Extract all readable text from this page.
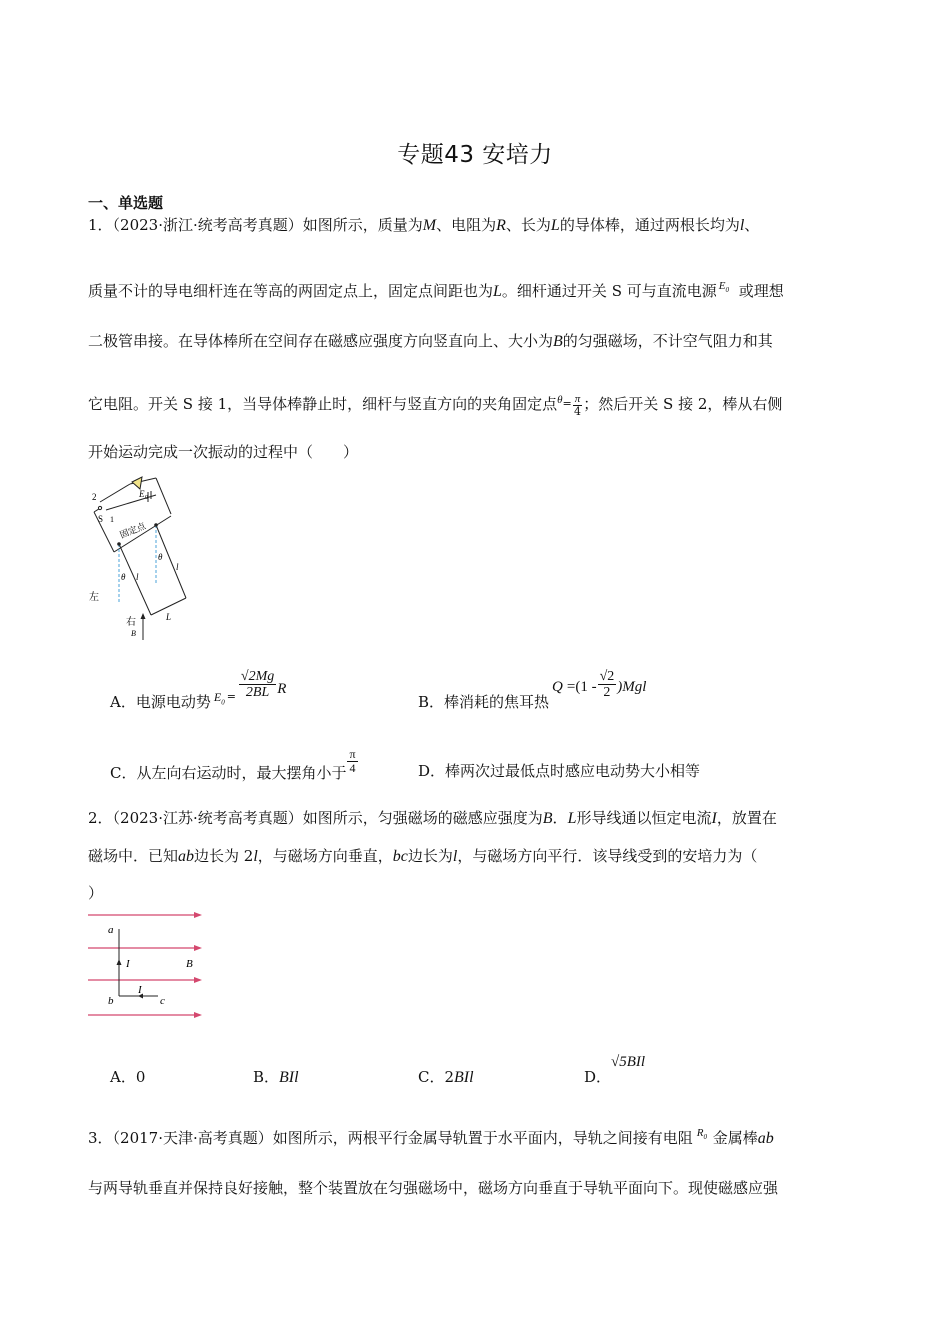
专题43 安培力
一、单选题
1．（2023·浙江·统考高考真题）如图所示，质量为M、电阻为R、长为L的导体棒，通过两根长均为l、
质量不计的导电细杆连在等高的两固定点上，固定点间距也为L。细杆通过开关 S 可与直流电源 $E_0$ 或理想
二极管串接。在导体棒所在空间存在磁感应强度方向竖直向上、大小为B的匀强磁场，不计空气阻力和其
它电阻。开关 S 接 1，当导体棒静止时，细杆与竖直方向的夹角固定点$^\theta= \frac{\pi}{4}$ ；然后开关 S 接 2，棒从右侧
开始运动完成一次振动的过程中（　　）
2
S 1
E 0
固定点
θ
θ
l
l
L
左
右
B
A．电源电动势 $_{E_0}$ $_= \frac{√2Mg}{2BL}$ R
B．棒消耗的焦耳热$Q =(1 - \frac{√2}{2} )Mgl$
C．从左向右运动时，最大摆角小于 $\frac{\pi}{4}$	D．棒两次过最低点时感应电动势大小相等
2．（2023·江苏·统考高考真题）如图所示，匀强磁场的磁感应强度为B．L形导线通以恒定电流I，放置在
磁场中．已知ab边长为 2l，与磁场方向垂直，bc边长为l，与磁场方向平行．该导线受到的安培力为（
）
a
b	c
I
I
B
A．0	B．BIl	C．2BIl	D．√5BIl
3．（2017·天津·高考真题）如图所示，两根平行金属导轨置于水平面内，导轨之间接有电阻 $R_0$ 金属棒ab
与两导轨垂直并保持良好接触，整个装置放在匀强磁场中，磁场方向垂直于导轨平面向下。现使磁感应强
